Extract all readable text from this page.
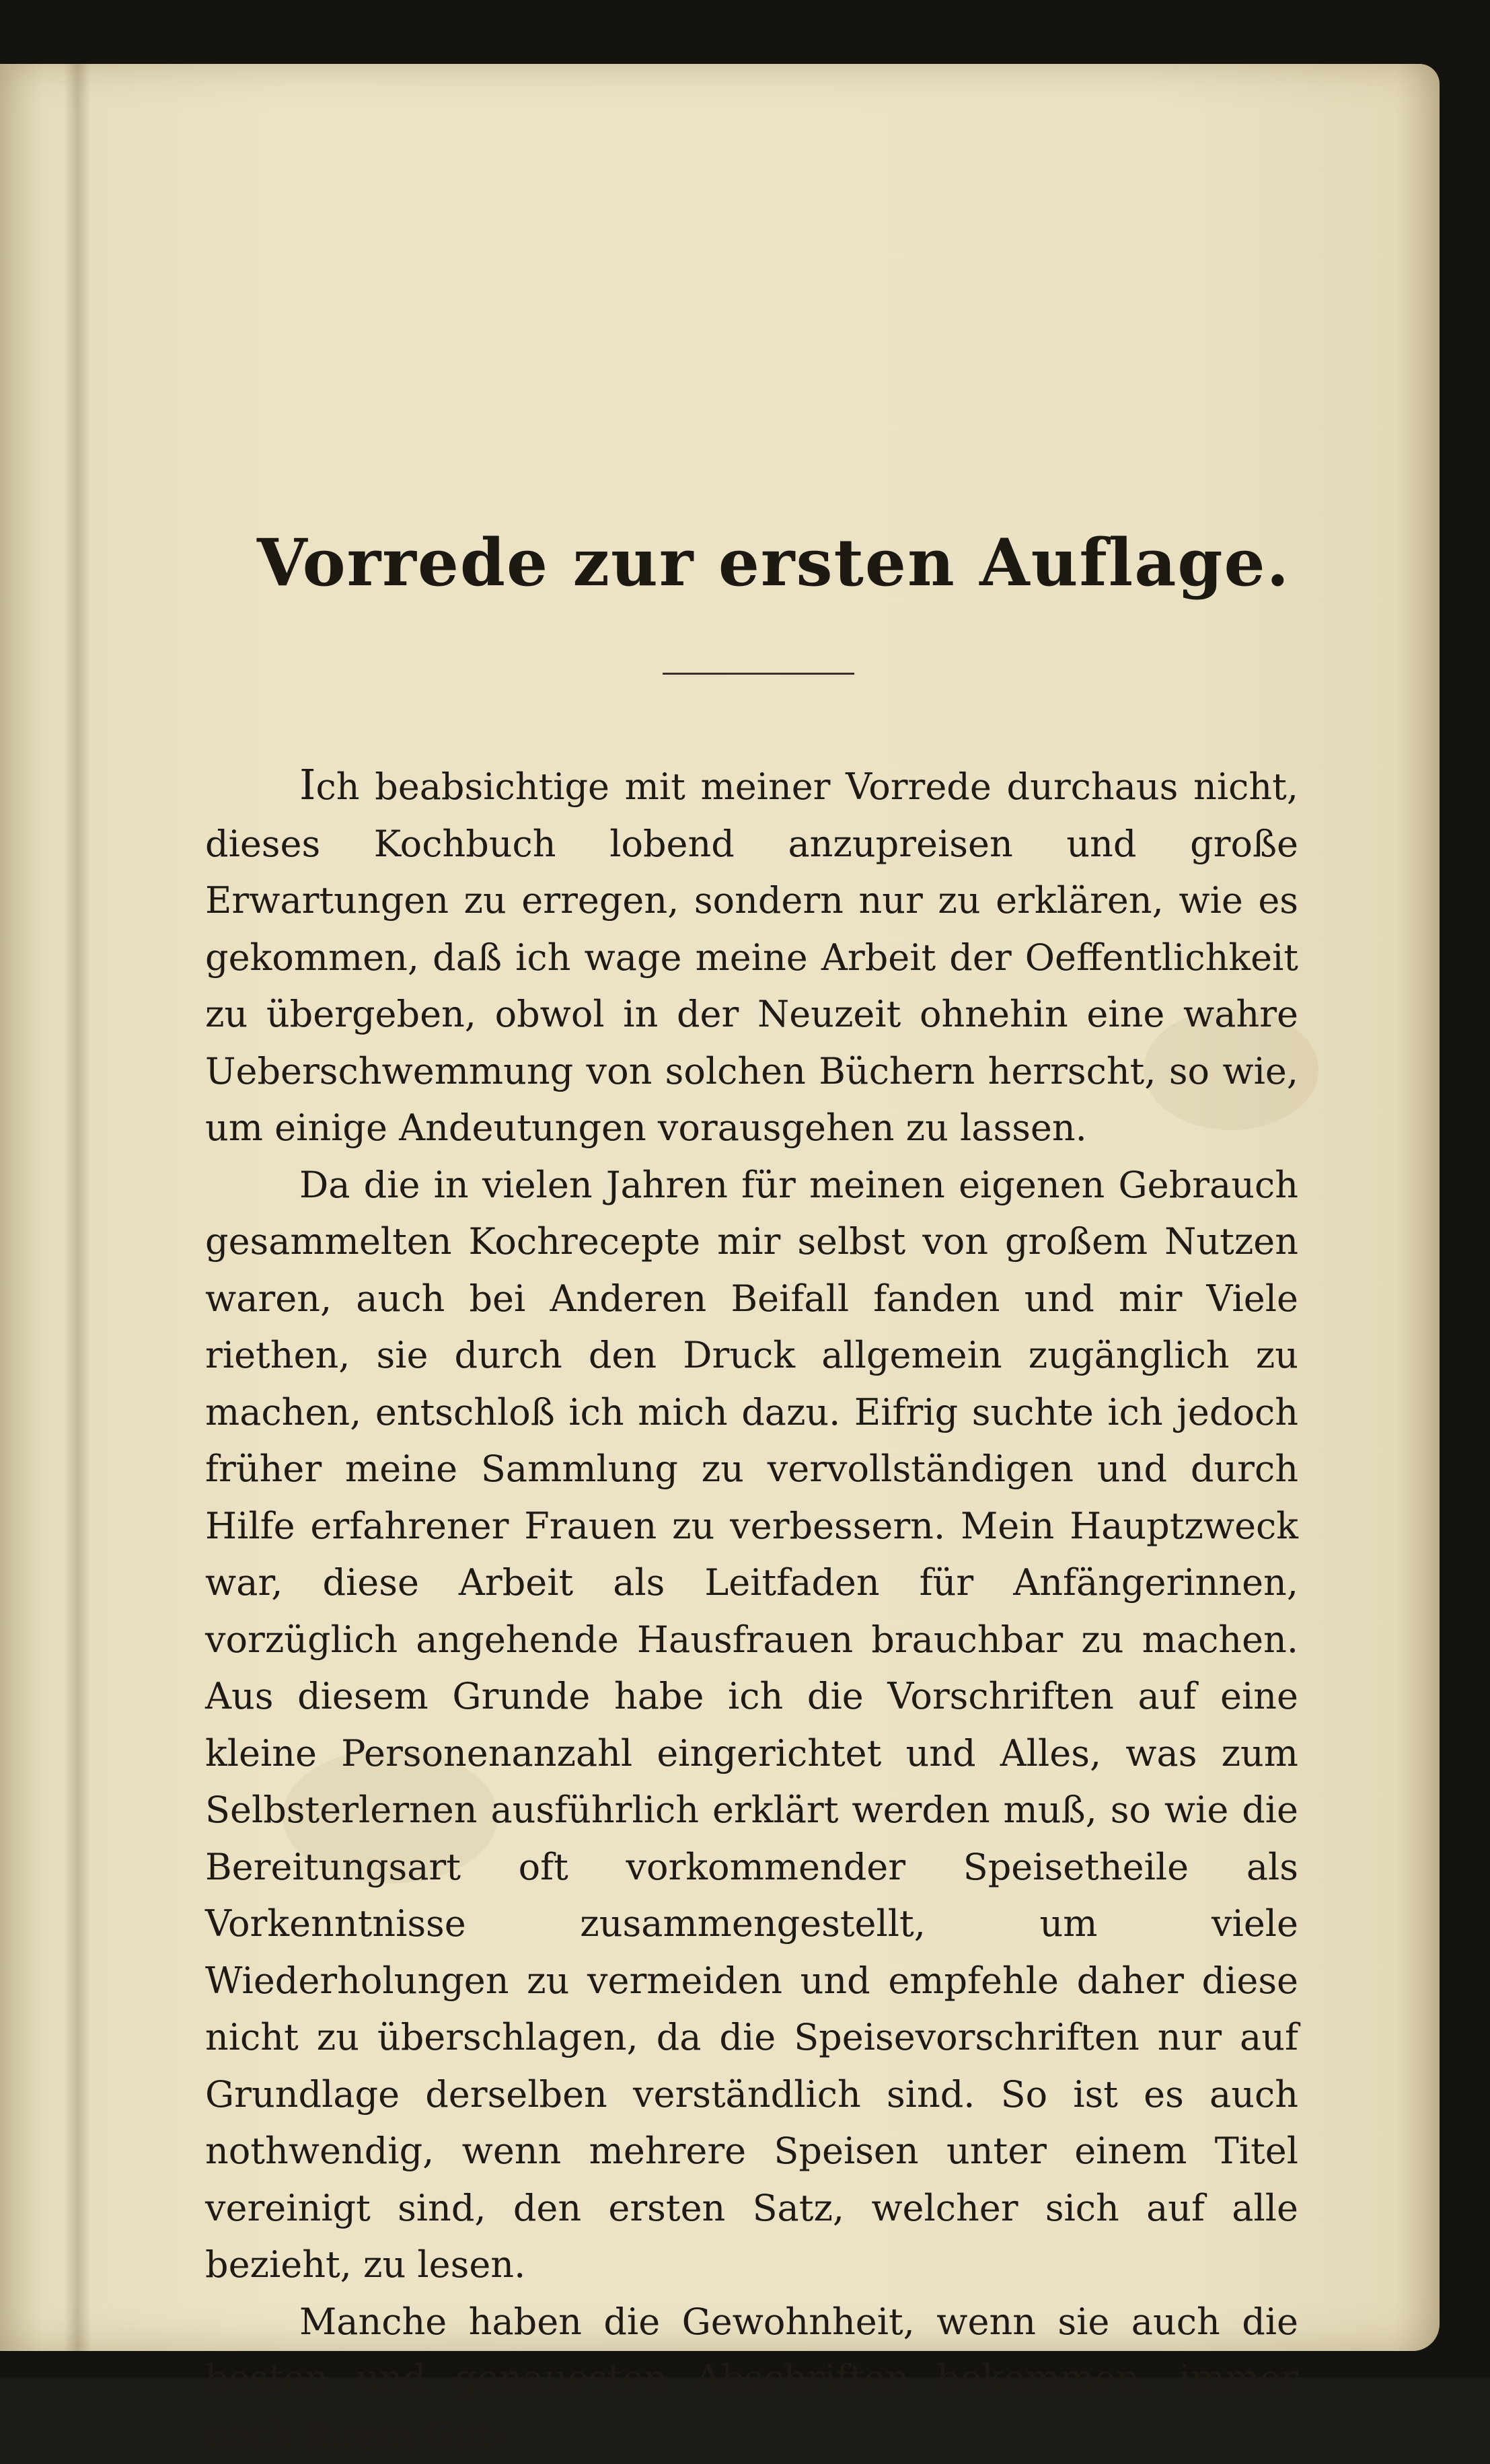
Vorrede zur ersten Auflage.

Ich beabsichtige mit meiner Vorrede durchaus nicht, dieses Kochbuch lobend anzupreisen und große Erwartungen zu erregen, sondern nur zu erklären, wie es gekommen, daß ich wage meine Arbeit der Oeffentlichkeit zu übergeben, obwol in der Neuzeit ohnehin eine wahre Ueberschwemmung von solchen Büchern herrscht, so wie, um einige Andeutungen vorausgehen zu lassen.

Da die in vielen Jahren für meinen eigenen Gebrauch gesammelten Kochrecepte mir selbst von großem Nutzen waren, auch bei Anderen Beifall fanden und mir Viele riethen, sie durch den Druck allgemein zugänglich zu machen, entschloß ich mich dazu. Eifrig suchte ich jedoch früher meine Sammlung zu vervollständigen und durch Hilfe erfahrener Frauen zu verbessern. Mein Hauptzweck war, diese Arbeit als Leitfaden für Anfängerinnen, vorzüglich angehende Hausfrauen brauchbar zu machen. Aus diesem Grunde habe ich die Vorschriften auf eine kleine Personenanzahl eingerichtet und Alles, was zum Selbsterlernen ausführlich erklärt werden muß, so wie die Bereitungsart oft vorkommender Speisetheile als Vorkenntnisse zusammengestellt, um viele Wiederholungen zu vermeiden und empfehle daher diese nicht zu überschlagen, da die Speisevorschriften nur auf Grundlage derselben verständlich sind. So ist es auch nothwendig, wenn mehrere Speisen unter einem Titel vereinigt sind, den ersten Satz, welcher sich auf alle bezieht, zu lesen.

Manche haben die Gewohnheit, wenn sie auch die besten und genauesten Abschriften bekommen, immer nach ihrem Gut-
